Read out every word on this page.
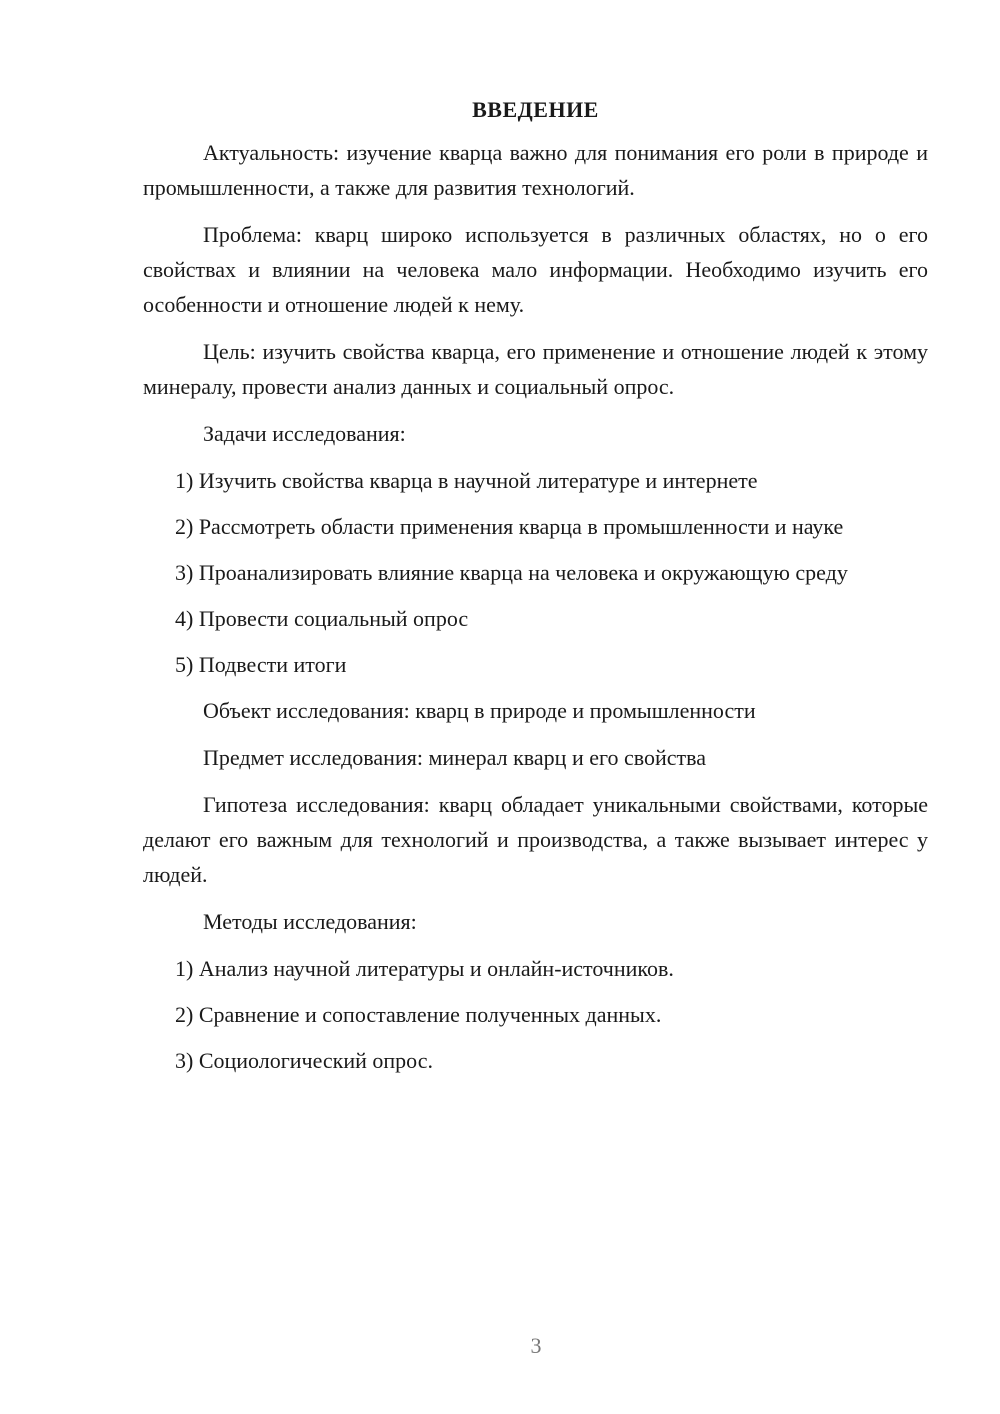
ВВЕДЕНИЕ

Актуальность: изучение кварца важно для понимания его роли в природе и промышленности, а также для развития технологий.

Проблема: кварц широко используется в различных областях, но о его свойствах и влиянии на человека мало информации. Необходимо изучить его особенности и отношение людей к нему.

Цель: изучить свойства кварца, его применение и отношение людей к этому минералу, провести анализ данных и социальный опрос.

Задачи исследования:

1) Изучить свойства кварца в научной литературе и интернете

2) Рассмотреть области применения кварца в промышленности и науке

3) Проанализировать влияние кварца на человека и окружающую среду

4) Провести социальный опрос

5) Подвести итоги

Объект исследования: кварц в природе и промышленности

Предмет исследования: минерал кварц и его свойства

Гипотеза исследования: кварц обладает уникальными свойствами, которые делают его важным для технологий и производства, а также вызывает интерес у людей.

Методы исследования:

1) Анализ научной литературы и онлайн-источников.

2) Сравнение и сопоставление полученных данных.

3) Социологический опрос.

3
